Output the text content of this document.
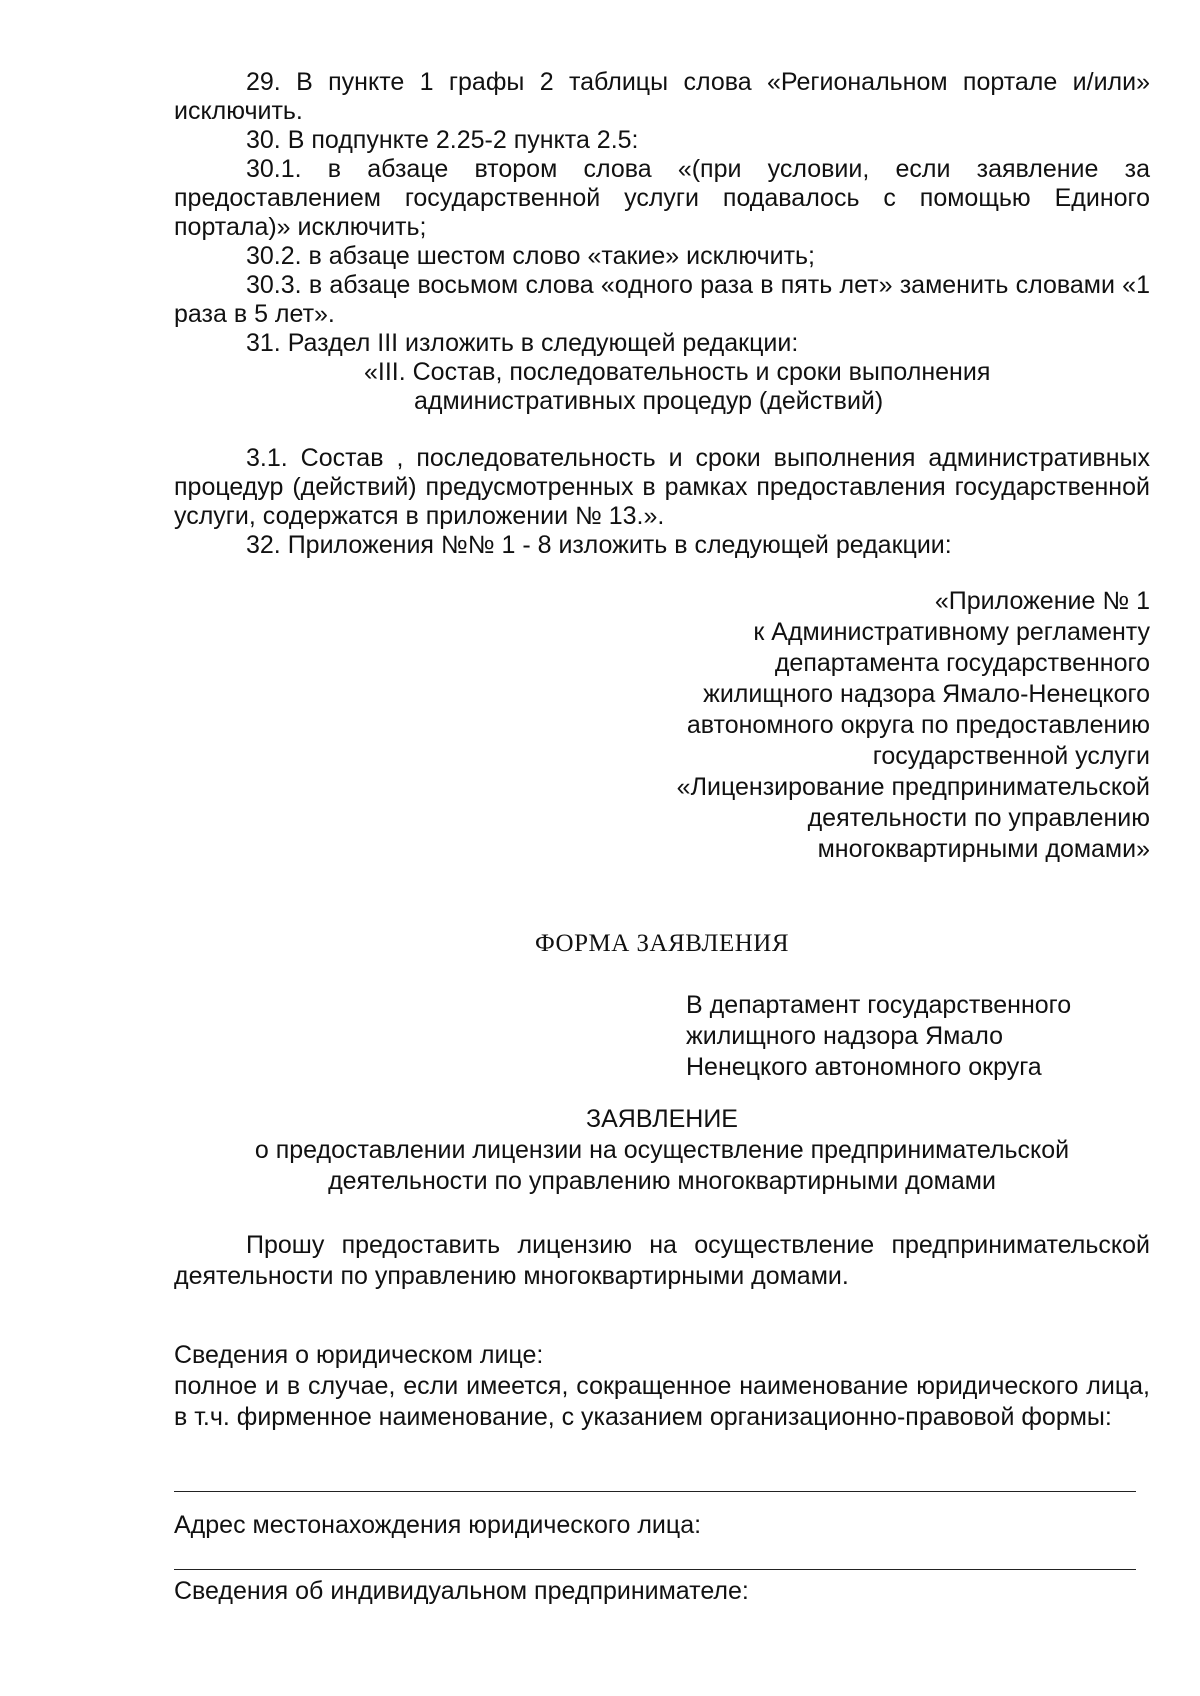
29. В пункте 1 графы 2 таблицы слова «Региональном портале и/или» исключить.
30. В подпункте 2.25-2 пункта 2.5:
30.1. в абзаце втором слова «(при условии, если заявление за предоставлением государственной услуги подавалось с помощью Единого портала)» исключить;
30.2. в абзаце шестом слово «такие» исключить;
30.3. в абзаце восьмом слова «одного раза в пять лет» заменить словами «1 раза в 5 лет».
31. Раздел III изложить в следующей редакции:
«III. Состав, последовательность и сроки выполнения
административных процедур (действий)
3.1. Состав , последовательность и сроки выполнения административных процедур (действий) предусмотренных в рамках предоставления государственной услуги, содержатся в приложении № 13.».
32. Приложения №№ 1 - 8 изложить в следующей редакции:
«Приложение № 1
к Административному регламенту
департамента государственного
жилищного надзора Ямало-Ненецкого
автономного округа по предоставлению
государственной услуги
«Лицензирование предпринимательской
деятельности по управлению
многоквартирными домами»
ФОРМА ЗАЯВЛЕНИЯ
В департамент государственного
жилищного надзора Ямало
Ненецкого автономного округа
ЗАЯВЛЕНИЕ
о предоставлении лицензии на осуществление предпринимательской
деятельности по управлению многоквартирными домами
Прошу предоставить лицензию на осуществление предпринимательской деятельности по управлению многоквартирными домами.
Сведения о юридическом лице:
полное и в случае, если имеется, сокращенное наименование юридического лица, в т.ч. фирменное наименование, с указанием организационно-правовой формы:
Адрес местонахождения юридического лица:
Сведения об индивидуальном предпринимателе:
